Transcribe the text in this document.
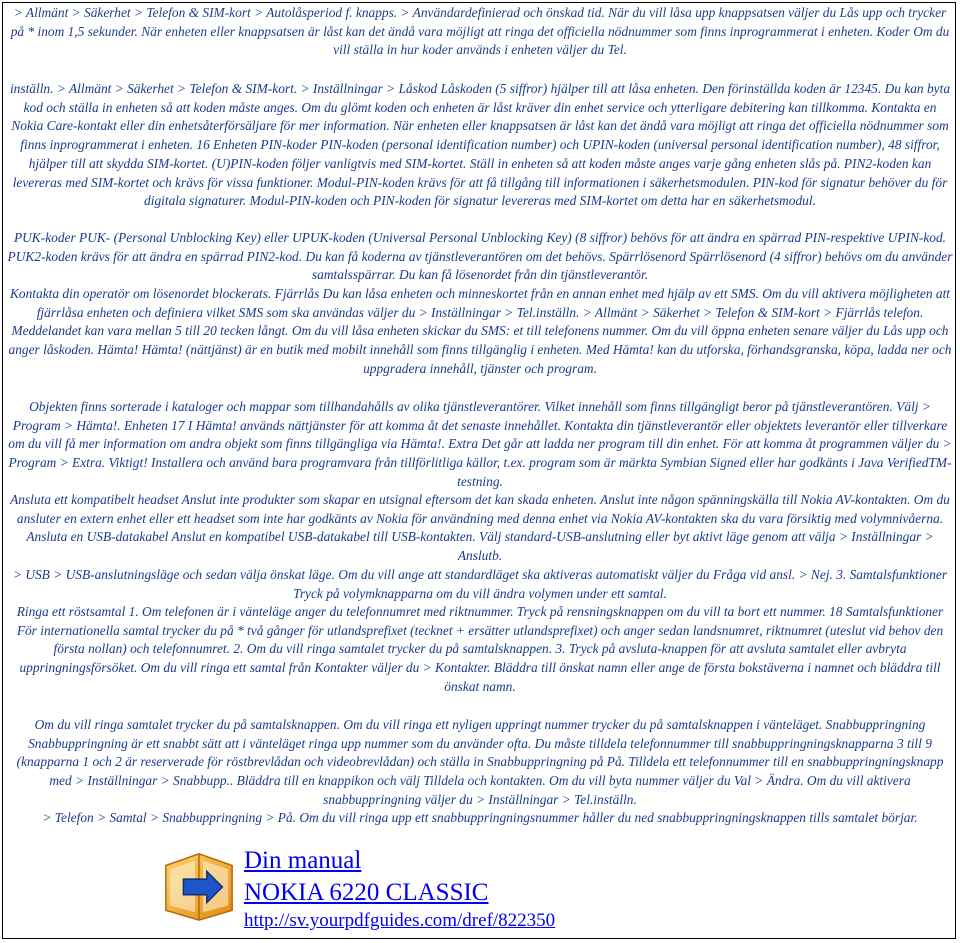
> Allmänt > Säkerhet > Telefon & SIM-kort > Autolåsperiod f. knapps. > Användardefinierad och önskad tid. När du vill låsa upp knappsatsen väljer du Lås upp och trycker på * inom 1,5 sekunder. När enheten eller knappsatsen är låst kan det ändå vara möjligt att ringa det officiella nödnummer som finns inprogrammerat i enheten. Koder Om du vill ställa in hur koder används i enheten väljer du Tel.

inställn. > Allmänt > Säkerhet > Telefon & SIM-kort. > Inställningar > Låskod Låskoden (5 siffror) hjälper till att låsa enheten. Den förinställda koden är 12345. Du kan byta kod och ställa in enheten så att koden måste anges. Om du glömt koden och enheten är låst kräver din enhet service och ytterligare debitering kan tillkomma. Kontakta en Nokia Care-kontakt eller din enhetsåterförsäljare för mer information. När enheten eller knappsatsen är låst kan det ändå vara möjligt att ringa det officiella nödnummer som finns inprogrammerat i enheten. 16 Enheten PIN-koder PIN-koden (personal identification number) och UPIN-koden (universal personal identification number), 48 siffror, hjälper till att skydda SIM-kortet. (U)PIN-koden följer vanligtvis med SIM-kortet. Ställ in enheten så att koden måste anges varje gång enheten slås på. PIN2-koden kan levereras med SIM-kortet och krävs för vissa funktioner. Modul-PIN-koden krävs för att få tillgång till informationen i säkerhetsmodulen. PIN-kod för signatur behöver du för digitala signaturer. Modul-PIN-koden och PIN-koden för signatur levereras med SIM-kortet om detta har en säkerhetsmodul.

PUK-koder PUK- (Personal Unblocking Key) eller UPUK-koden (Universal Personal Unblocking Key) (8 siffror) behövs för att ändra en spärrad PIN-respektive UPIN-kod. PUK2-koden krävs för att ändra en spärrad PIN2-kod. Du kan få koderna av tjänstleverantören om det behövs. Spärrlösenord Spärrlösenord (4 siffror) behövs om du använder samtalsspärrar. Du kan få lösenordet från din tjänstleverantör.

Kontakta din operatör om lösenordet blockerats. Fjärrlås Du kan låsa enheten och minneskortet från en annan enhet med hjälp av ett SMS. Om du vill aktivera möjligheten att fjärrlåsa enheten och definiera vilket SMS som ska användas väljer du > Inställningar > Tel.inställn. > Allmänt > Säkerhet > Telefon & SIM-kort > Fjärrlås telefon. Meddelandet kan vara mellan 5 till 20 tecken långt. Om du vill låsa enheten skickar du SMS: et till telefonens nummer. Om du vill öppna enheten senare väljer du Lås upp och anger låskoden. Hämta! Hämta! (nättjänst) är en butik med mobilt innehåll som finns tillgänglig i enheten. Med Hämta! kan du utforska, förhandsgranska, köpa, ladda ner och uppgradera innehåll, tjänster och program.

Objekten finns sorterade i kataloger och mappar som tillhandahålls av olika tjänstleverantörer. Vilket innehåll som finns tillgängligt beror på tjänstleverantören. Välj > Program > Hämta!. Enheten 17 I Hämta! används nättjänster för att komma åt det senaste innehållet. Kontakta din tjänstleverantör eller objektets leverantör eller tillverkare om du vill få mer information om andra objekt som finns tillgängliga via Hämta!. Extra Det går att ladda ner program till din enhet. För att komma åt programmen väljer du > Program > Extra. Viktigt! Installera och använd bara programvara från tillförlitliga källor, t.ex. program som är märkta Symbian Signed eller har godkänts i Java VerifiedTM-testning.

Ansluta ett kompatibelt headset Anslut inte produkter som skapar en utsignal eftersom det kan skada enheten. Anslut inte någon spänningskälla till Nokia AV-kontakten. Om du ansluter en extern enhet eller ett headset som inte har godkänts av Nokia för användning med denna enhet via Nokia AV-kontakten ska du vara försiktig med volymnivåerna. Ansluta en USB-datakabel Anslut en kompatibel USB-datakabel till USB-kontakten. Välj standard-USB-anslutning eller byt aktivt läge genom att välja > Inställningar > Anslutb.

> USB > USB-anslutningsläge och sedan välja önskat läge. Om du vill ange att standardläget ska aktiveras automatiskt väljer du Fråga vid ansl. > Nej. 3. Samtalsfunktioner Tryck på volymknapparna om du vill ändra volymen under ett samtal.

Ringa ett röstsamtal 1. Om telefonen är i vänteläge anger du telefonnumret med riktnummer. Tryck på rensningsknappen om du vill ta bort ett nummer. 18 Samtalsfunktioner För internationella samtal trycker du på * två gånger för utlandsprefixet (tecknet + ersätter utlandsprefixet) och anger sedan landsnumret, riktnumret (uteslut vid behov den första nollan) och telefonnumret. 2. Om du vill ringa samtalet trycker du på samtalsknappen. 3. Tryck på avsluta-knappen för att avsluta samtalet eller avbryta uppringningsförsöket. Om du vill ringa ett samtal från Kontakter väljer du > Kontakter. Bläddra till önskat namn eller ange de första bokstäverna i namnet och bläddra till önskat namn.

Om du vill ringa samtalet trycker du på samtalsknappen. Om du vill ringa ett nyligen uppringt nummer trycker du på samtalsknappen i vänteläget. Snabbuppringning Snabbuppringning är ett snabbt sätt att i vänteläget ringa upp nummer som du använder ofta. Du måste tilldela telefonnummer till snabbuppringningsknapparna 3 till 9 (knapparna 1 och 2 är reserverade för röstbrevlådan och videobrevlådan) och ställa in Snabbuppringning på På. Tilldela ett telefonnummer till en snabbuppringningsknapp med > Inställningar > Snabbupp.. Bläddra till en knappikon och välj Tilldela och kontakten. Om du vill byta nummer väljer du Val > Ändra. Om du vill aktivera snabbuppringning väljer du > Inställningar > Tel.inställn.

> Telefon > Samtal > Snabbuppringning > På. Om du vill ringa upp ett snabbuppringningsnummer håller du ned snabbuppringningsknappen tills samtalet börjar.

Din manual
NOKIA 6220 CLASSIC
http://sv.yourpdfguides.com/dref/822350
